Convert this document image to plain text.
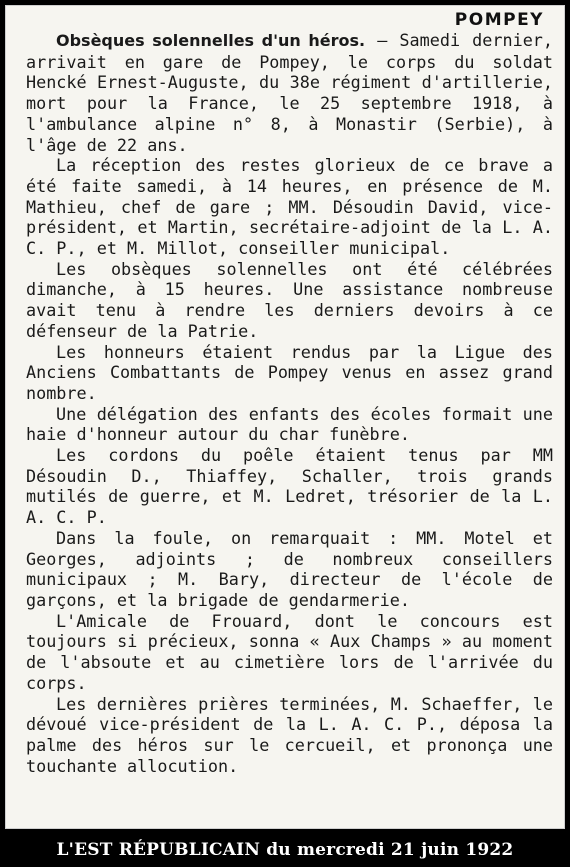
POMPEY

Obsèques solennelles d'un héros. — Samedi dernier, arrivait en gare de Pompey, le corps du soldat Hencké Ernest-Auguste, du 38e régiment d'artillerie, mort pour la France, le 25 septembre 1918, à l'ambulance alpine n° 8, à Monastir (Serbie), à l'âge de 22 ans.

La réception des restes glorieux de ce brave a été faite samedi, à 14 heures, en présence de M. Mathieu, chef de gare ; MM. Désoudin David, vice-président, et Martin, secrétaire-adjoint de la L. A. C. P., et M. Millot, conseiller municipal.

Les obsèques solennelles ont été célébrées dimanche, à 15 heures. Une assistance nombreuse avait tenu à rendre les derniers devoirs à ce défenseur de la Patrie.

Les honneurs étaient rendus par la Ligue des Anciens Combattants de Pompey venus en assez grand nombre.

Une délégation des enfants des écoles formait une haie d'honneur autour du char funèbre.

Les cordons du poêle étaient tenus par MM Désoudin D., Thiaffey, Schaller, trois grands mutilés de guerre, et M. Ledret, trésorier de la L. A. C. P.

Dans la foule, on remarquait : MM. Motel et Georges, adjoints ; de nombreux conseillers municipaux ; M. Bary, directeur de l'école de garçons, et la brigade de gendarmerie.

L'Amicale de Frouard, dont le concours est toujours si précieux, sonna « Aux Champs » au moment de l'absoute et au cimetière lors de l'arrivée du corps.

Les dernières prières terminées, M. Schaeffer, le dévoué vice-président de la L. A. C. P., déposa la palme des héros sur le cercueil, et prononça une touchante allocution.

L'EST RÉPUBLICAIN du mercredi 21 juin 1922
